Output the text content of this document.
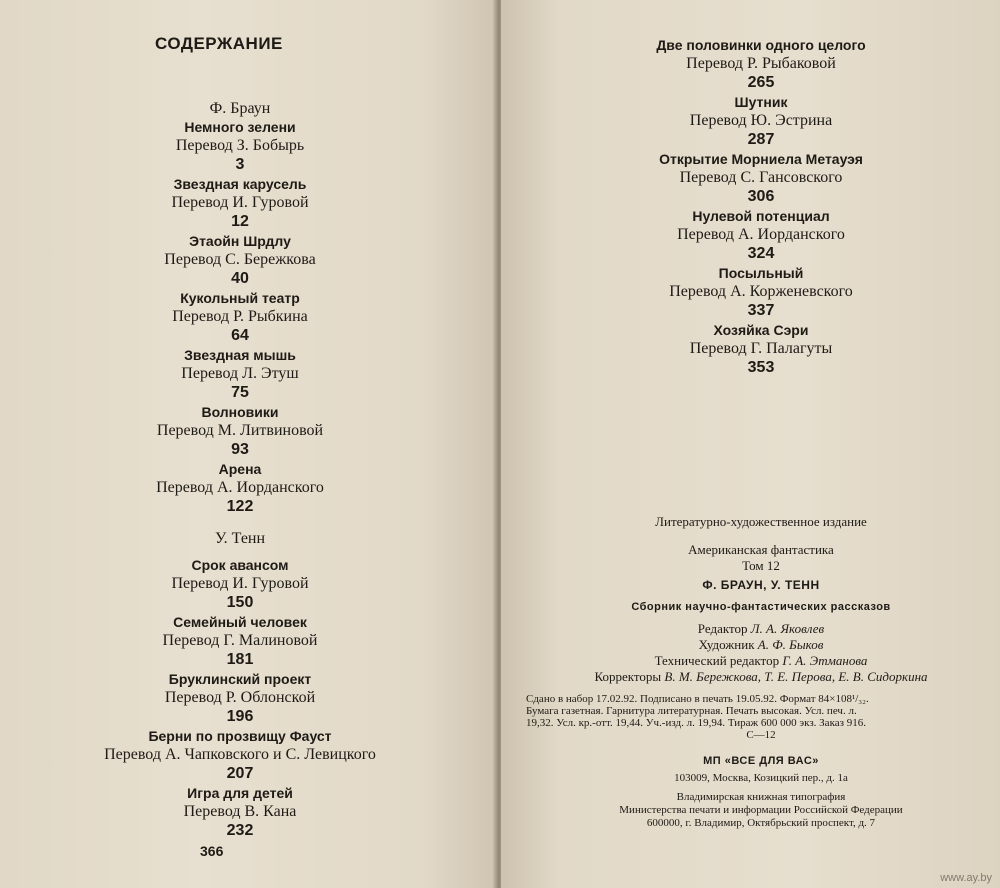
СОДЕРЖАНИЕ
Ф. Браун
Немного зелени
Перевод З. Бобырь
3
Звездная карусель
Перевод И. Гуровой
12
Этаойн Шрдлу
Перевод С. Бережкова
40
Кукольный театр
Перевод Р. Рыбкина
64
Звездная мышь
Перевод Л. Этуш
75
Волновики
Перевод М. Литвиновой
93
Арена
Перевод А. Иорданского
122
У. Тенн
Срок авансом
Перевод И. Гуровой
150
Семейный человек
Перевод Г. Малиновой
181
Бруклинский проект
Перевод Р. Облонской
196
Берни по прозвищу Фауст
Перевод А. Чапковского и С. Левицкого
207
Игра для детей
Перевод В. Кана
232
366
Две половинки одного целого
Перевод Р. Рыбаковой
265
Шутник
Перевод Ю. Эстрина
287
Открытие Морниела Метауэя
Перевод С. Гансовского
306
Нулевой потенциал
Перевод А. Иорданского
324
Посыльный
Перевод А. Корженевского
337
Хозяйка Сэри
Перевод Г. Палагуты
353
Литературно-художественное издание
Американская фантастика
Том 12
Ф. БРАУН, У. ТЕНН
Сборник научно-фантастических рассказов
Редактор Л. А. Яковлев
Художник А. Ф. Быков
Технический редактор Г. А. Этманова
Корректоры В. М. Бережкова, Т. Е. Перова, Е. В. Сидоркина
Сдано в набор 17.02.92. Подписано в печать 19.05.92. Формат 84×108¹/₃₂.
Бумага газетная. Гарнитура литературная. Печать высокая. Усл. печ. л.
19,32. Усл. кр.-отт. 19,44. Уч.-изд. л. 19,94. Тираж 600 000 экз. Заказ 916.
С—12
МП «ВСЕ ДЛЯ ВАС»
103009, Москва, Козицкий пер., д. 1а
Владимирская книжная типография
Министерства печати и информации Российской Федерации
600000, г. Владимир, Октябрьский проспект, д. 7
www.ay.by
